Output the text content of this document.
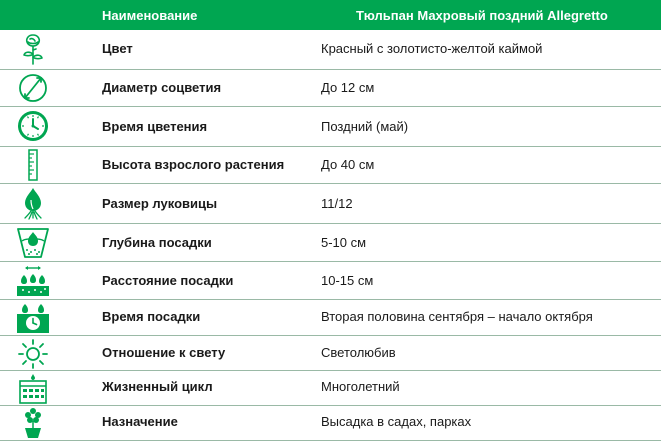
Наименование	Тюльпан Махровый поздний Allegretto
Цвет	Красный с золотисто-желтой каймой
Диаметр соцветия	До 12 см
Время цветения	Поздний (май)
Высота взрослого растения	До 40 см
Размер луковицы	11/12
Глубина посадки	5-10 см
Расстояние посадки	10-15 см
Время посадки	Вторая половина сентября – начало октября
Отношение к свету	Светолюбив
Жизненный цикл	Многолетний
Назначение	Высадка в садах, парках
